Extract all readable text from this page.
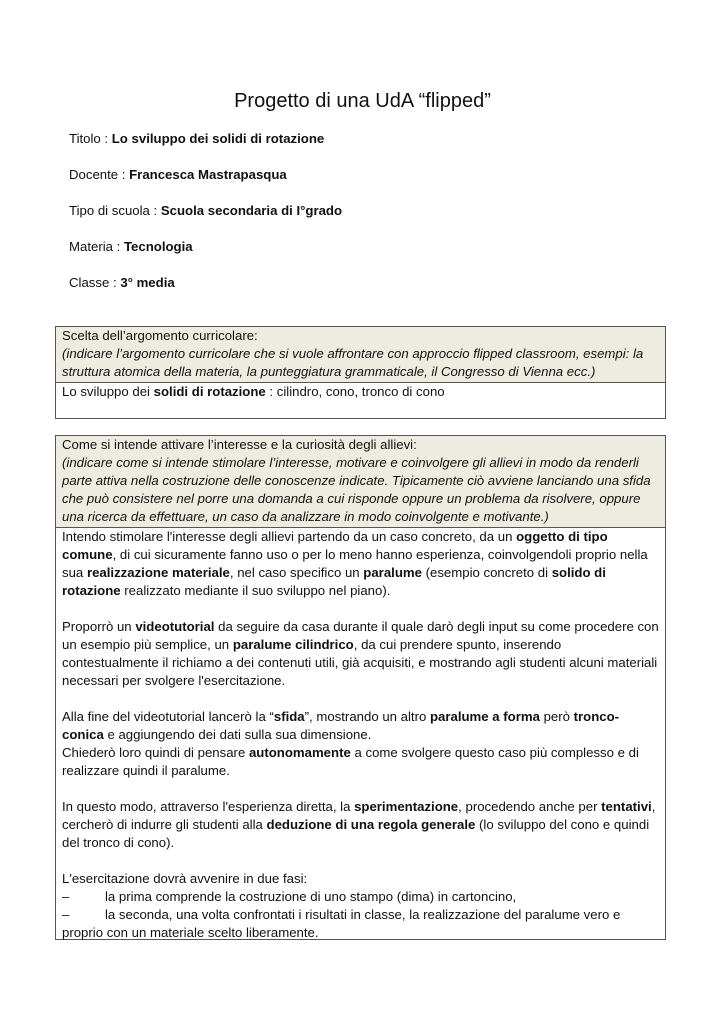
Progetto di una UdA “flipped”
Titolo : Lo sviluppo dei solidi di rotazione
Docente : Francesca Mastrapasqua
Tipo di scuola : Scuola secondaria di I°grado
Materia : Tecnologia
Classe : 3° media

Scelta dell’argomento curricolare:

(indicare l’argomento curricolare che si vuole affrontare con approccio flipped classroom, esempi: la struttura atomica della materia, la punteggiatura grammaticale, il Congresso di Vienna ecc.)

Lo sviluppo dei solidi di rotazione : cilindro, cono, tronco di cono

Come si intende attivare l’interesse e la curiosità degli allievi:

(indicare come si intende stimolare l’interesse, motivare e coinvolgere gli allievi in modo da renderli parte attiva nella costruzione delle conoscenze indicate. Tipicamente ciò avviene lanciando una sfida che può consistere nel porre una domanda a cui risponde oppure un problema da risolvere, oppure una ricerca da effettuare, un caso da analizzare in modo coinvolgente e motivante.)

Intendo stimolare l'interesse degli allievi partendo da un caso concreto, da un oggetto di tipo comune, di cui sicuramente fanno uso o per lo meno hanno esperienza, coinvolgendoli proprio nella sua realizzazione materiale, nel caso specifico un paralume (esempio concreto di solido di rotazione realizzato mediante il suo sviluppo nel piano).

Proporrò un videotutorial da seguire da casa durante il quale darò degli input su come procedere con un esempio più semplice, un paralume cilindrico, da cui prendere spunto, inserendo contestualmente il richiamo a dei contenuti utili, già acquisiti, e mostrando agli studenti alcuni materiali necessari per svolgere l'esercitazione.

Alla fine del videotutorial lancerò la “sfida”, mostrando un altro paralume a forma però tronco-conica e aggiungendo dei dati sulla sua dimensione.

Chiederò loro quindi di pensare autonomamente a come svolgere questo caso più complesso e di realizzare quindi il paralume.

In questo modo, attraverso l'esperienza diretta, la sperimentazione, procedendo anche per tentativi, cercherò di indurre gli studenti alla deduzione di una regola generale (lo sviluppo del cono e quindi del tronco di cono).

L'esercitazione dovrà avvenire in due fasi:

–	la prima comprende la costruzione di uno stampo (dima) in cartoncino,

–	la seconda, una volta confrontati i risultati in classe, la realizzazione del paralume vero e proprio con un materiale scelto liberamente.
